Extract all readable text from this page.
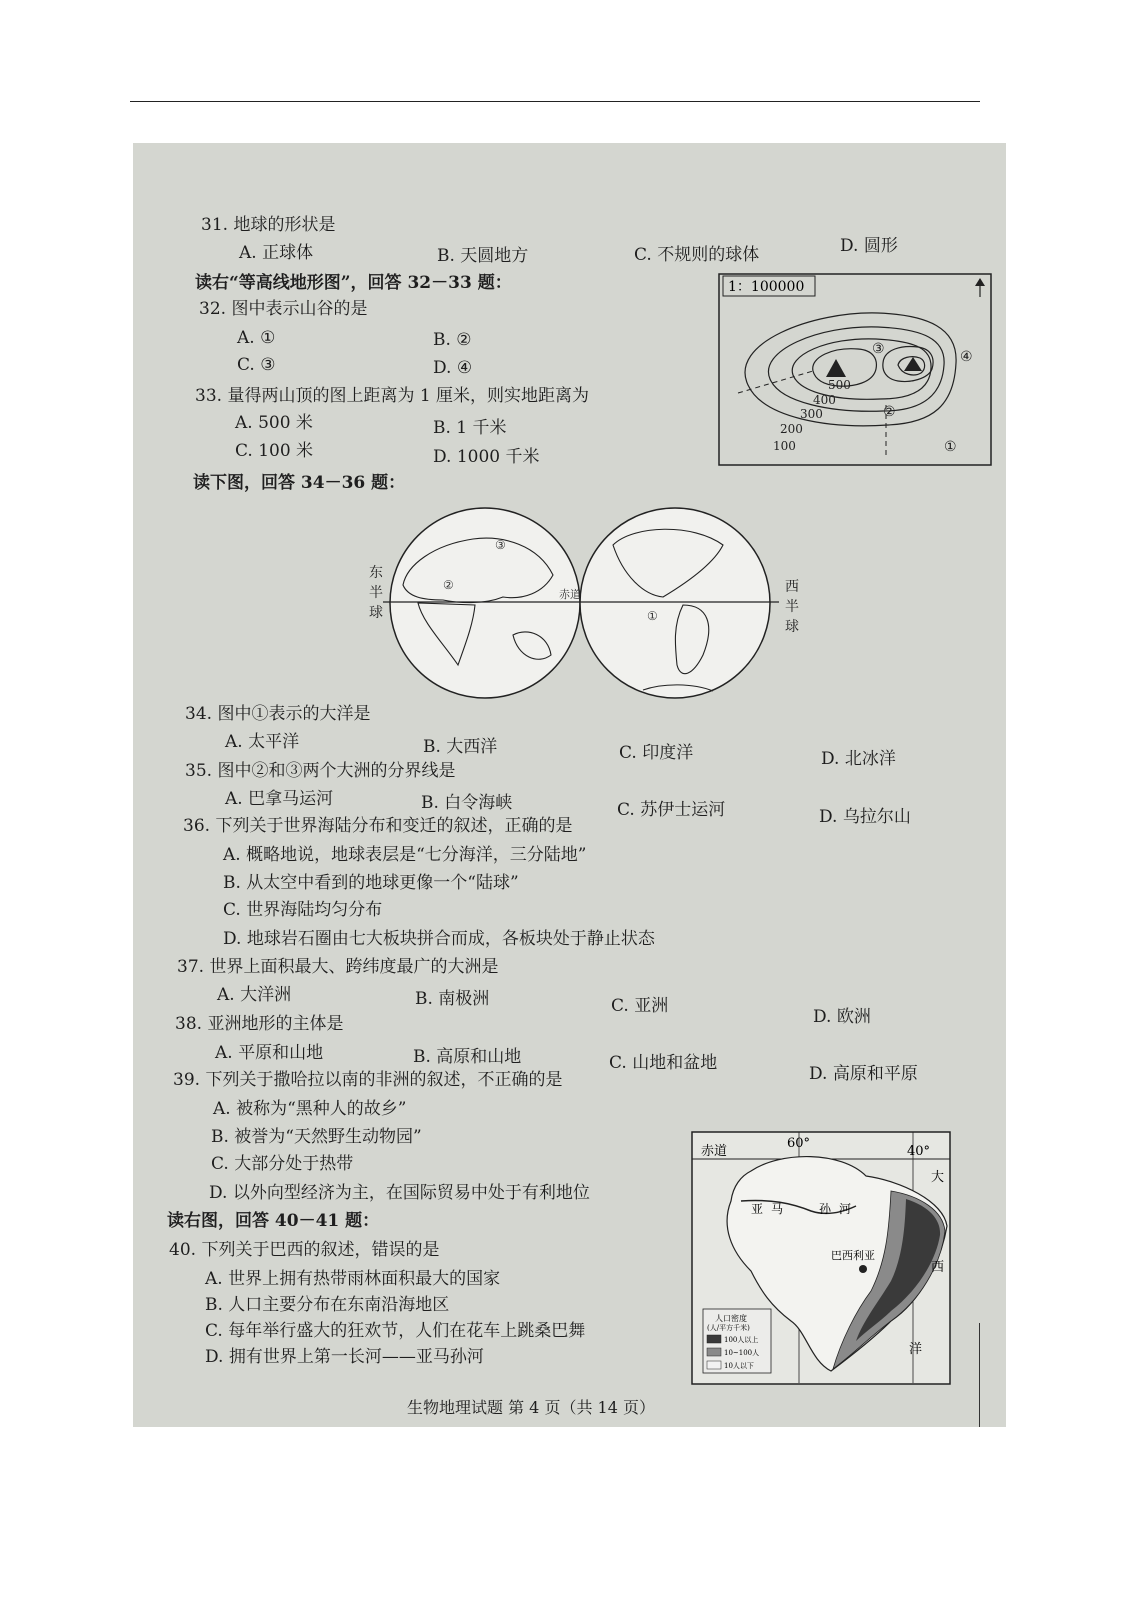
31. 地球的形状是
A. 正球体	B. 天圆地方	C. 不规则的球体	D. 圆形
读右“等高线地形图”，回答 32－33 题：
32. 图中表示山谷的是
A. ①	B. ②
C. ③	D. ④
33. 量得两山顶的图上距离为 1 厘米，则实地距离为
A. 500 米	B. 1 千米
C. 100 米	D. 1000 千米
读下图，回答 34－36 题：
1：100000
500
400
300
200
100	①
②
③	④
②
③
①
赤道
东
半
球
西
半
球
34. 图中①表示的大洋是
A. 太平洋	B. 大西洋	C. 印度洋	D. 北冰洋
35. 图中②和③两个大洲的分界线是
A. 巴拿马运河	B. 白令海峡	C. 苏伊士运河	D. 乌拉尔山
36. 下列关于世界海陆分布和变迁的叙述，正确的是
A. 概略地说，地球表层是“七分海洋，三分陆地”
B. 从太空中看到的地球更像一个“陆球”
C. 世界海陆均匀分布
D. 地球岩石圈由七大板块拼合而成，各板块处于静止状态
37. 世界上面积最大、跨纬度最广的大洲是
A. 大洋洲	B. 南极洲	C. 亚洲
D. 欧洲
38. 亚洲地形的主体是
A. 平原和山地	B. 高原和山地	C. 山地和盆地
D. 高原和平原
39. 下列关于撒哈拉以南的非洲的叙述，不正确的是
A. 被称为“黑种人的故乡”
B. 被誉为“天然野生动物园”
C. 大部分处于热带
D. 以外向型经济为主，在国际贸易中处于有利地位
读右图，回答 40－41 题：
40. 下列关于巴西的叙述，错误的是
A. 世界上拥有热带雨林面积最大的国家
B. 人口主要分布在东南沿海地区
C. 每年举行盛大的狂欢节，人们在花车上跳桑巴舞
D. 拥有世界上第一长河——亚马孙河
60°
40°
赤道
亚 马	孙 河
巴西利亚
大
西
洋
人口密度
(人/平方千米)
100人以上
10~100人
10人以下
生物地理试题 第 4 页（共 14 页）
